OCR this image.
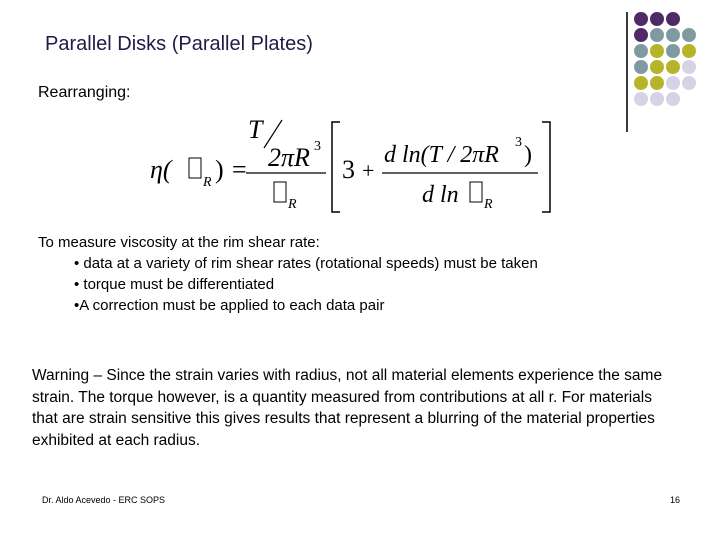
Parallel Disks (Parallel Plates)
Rearranging:
η( R ) =
T
2πR 3
R
3 +
d ln(T / 2πR 3 )
d ln R
To measure viscosity at the rim shear rate:
• data at a variety of rim shear rates (rotational speeds) must be taken
• torque must be differentiated
•A correction must be applied to each data pair
Warning – Since the strain varies with radius, not all material elements experience the same strain. The torque however, is a quantity measured from contributions at all r. For materials that are strain sensitive this gives results that represent a blurring of the material properties exhibited at each radius.
Dr. Aldo Acevedo - ERC SOPS	16
